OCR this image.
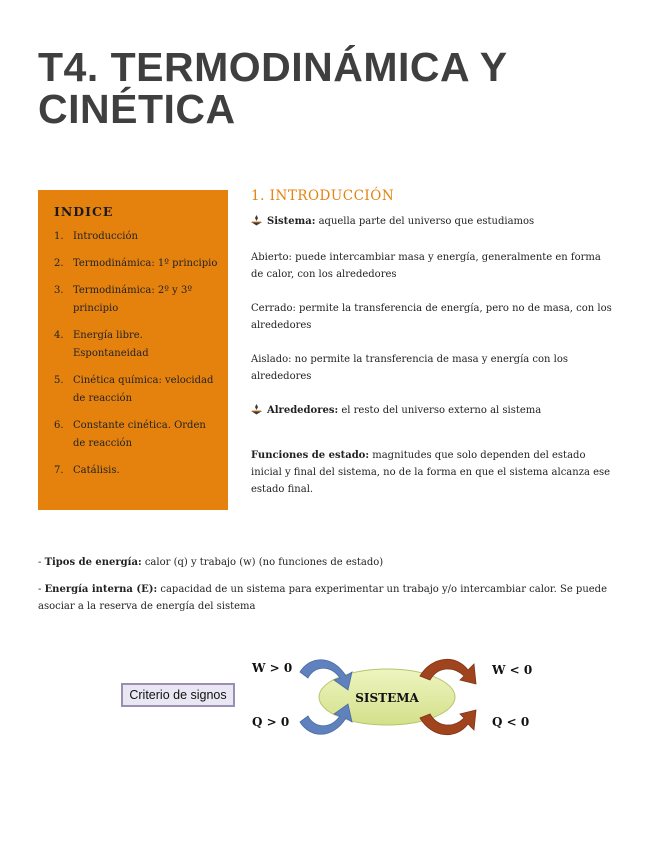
T4. TERMODINÁMICA Y CINÉTICA
INDICE
1. Introducción
2. Termodinámica: 1º principio
3. Termodinámica: 2º y 3º principio
4. Energía libre. Espontaneidad
5. Cinética química: velocidad de reacción
6. Constante cinética. Orden de reacción
7. Catálisis.
1. INTRODUCCIÓN

Sistema: aquella parte del universo que estudiamos

Abierto: puede intercambiar masa y energía, generalmente en forma de calor, con los alrededores

Cerrado: permite la transferencia de energía, pero no de masa, con los alrededores

Aislado: no permite la transferencia de masa y energía con los alrededores

Alrededores: el resto del universo externo al sistema

Funciones de estado: magnitudes que solo dependen del estado inicial y final del sistema, no de la forma en que el sistema alcanza ese estado final.

- Tipos de energía: calor (q) y trabajo (w) (no funciones de estado)

- Energía interna (E): capacidad de un sistema para experimentar un trabajo y/o intercambiar calor. Se puede asociar a la reserva de energía del sistema

Criterio de signos	SISTEMA
W > 0
Q > 0
W < 0
Q < 0
